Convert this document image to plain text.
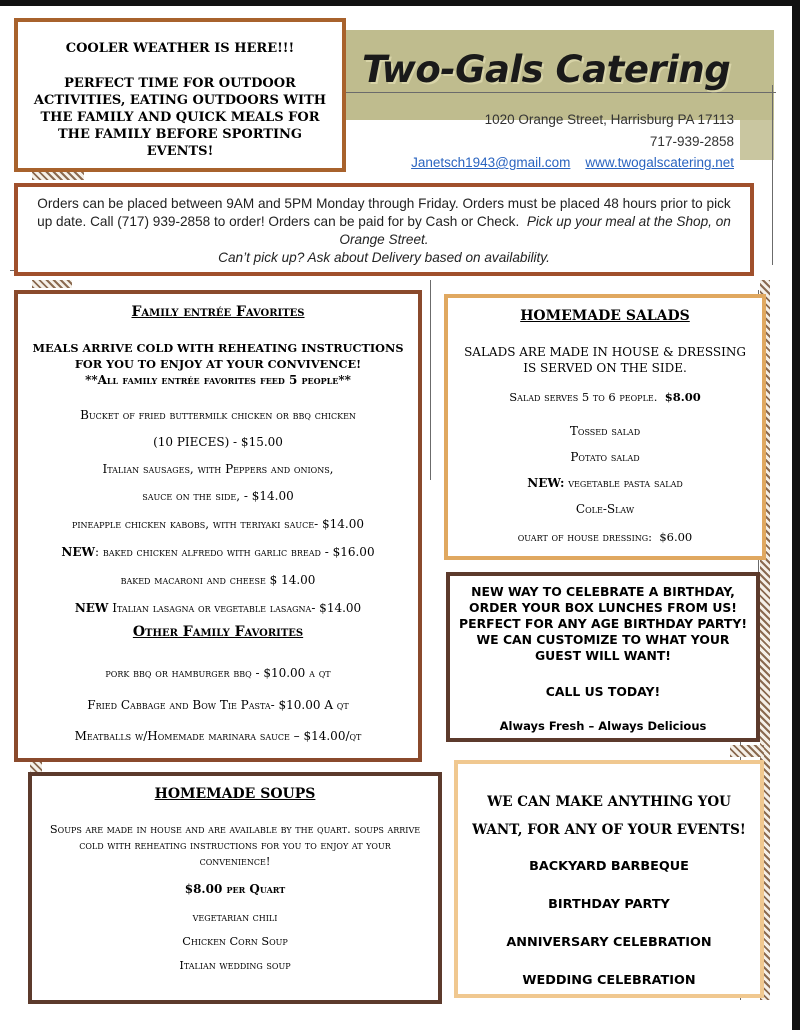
COOLER WEATHER IS HERE!!!

PERFECT TIME FOR OUTDOOR ACTIVITIES, EATING OUTDOORS WITH THE FAMILY AND QUICK MEALS FOR THE FAMILY BEFORE SPORTING EVENTS!

Two-Gals Catering
1020 Orange Street, Harrisburg PA 17113
717-939-2858
Janetsch1943@gmail.com www.twogalscatering.net
Orders can be placed between 9AM and 5PM Monday through Friday. Orders must be placed 48 hours prior to pick up date. Call (717) 939-2858 to order! Orders can be paid for by Cash or Check. Pick up your meal at the Shop, on Orange Street.
Can’t pick up? Ask about Delivery based on availability.

Family entrée Favorites

MEALS ARRIVE COLD WITH REHEATING INSTRUCTIONS FOR YOU TO ENJOY AT YOUR CONVIVENCE!

**All family entrée favorites feed 5 people**

Bucket of fried buttermilk chicken or bbq chicken

(10 PIECES) - $15.00

Italian sausages, with Peppers and onions,

sauce on the side, - $14.00

pineapple chicken kabobs, with teriyaki sauce- $14.00

NEW: baked chicken alfredo with garlic bread - $16.00

baked macaroni and cheese $ 14.00

NEW Italian lasagna or vegetable lasagna- $14.00

Other Family Favorites

pork bbq or hamburger bbq - $10.00 a qt

Fried Cabbage and Bow Tie Pasta- $10.00 A qt

Meatballs w/Homemade marinara sauce – $14.00/qt

HOMEMADE SALADS

SALADS ARE MADE IN HOUSE & DRESSING IS SERVED ON THE SIDE.

Salad serves 5 to 6 people. $8.00

Tossed salad

Potato salad

NEW: vegetable pasta salad

Cole-Slaw

ouart of house dressing: $6.00

NEW WAY TO CELEBRATE A BIRTHDAY, ORDER YOUR BOX LUNCHES FROM US! PERFECT FOR ANY AGE BIRTHDAY PARTY! WE CAN CUSTOMIZE TO WHAT YOUR GUEST WILL WANT!

CALL US TODAY!

Always Fresh – Always Delicious

HOMEMADE SOUPS

Soups are made in house and are available by the quart. soups arrive cold with reheating instructions for you to enjoy at your convenience!

$8.00 per Quart

vegetarian chili

Chicken Corn Soup

Italian wedding soup

WE CAN MAKE ANYTHING YOU WANT, FOR ANY OF YOUR EVENTS!

BACKYARD BARBEQUE

BIRTHDAY PARTY

ANNIVERSARY CELEBRATION

WEDDING CELEBRATION
